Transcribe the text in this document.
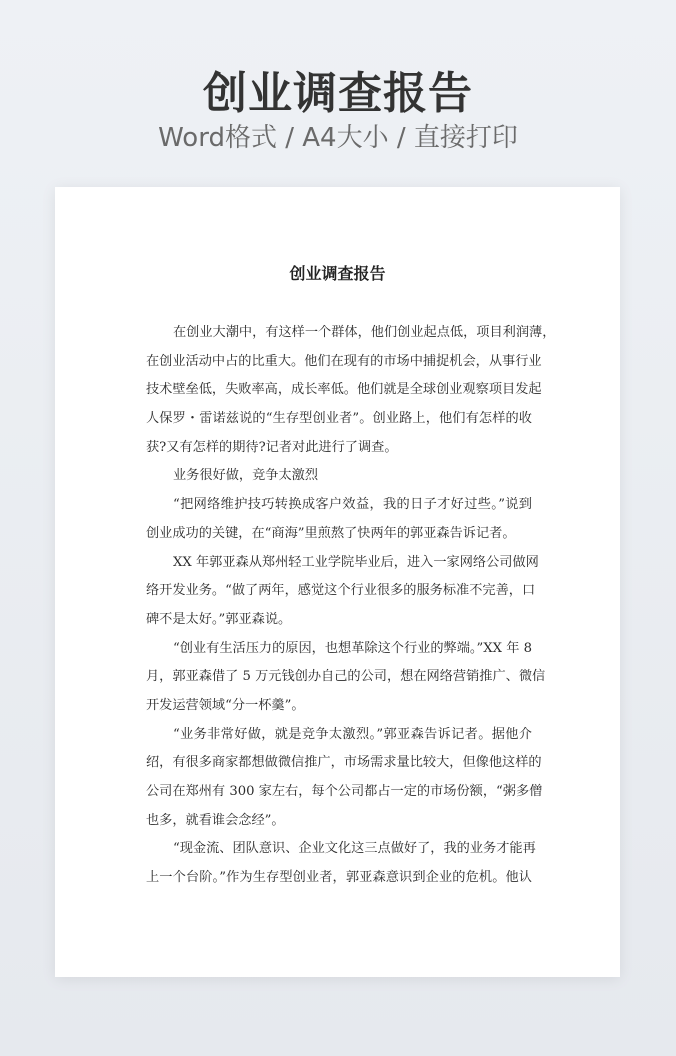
创业调查报告
Word格式 / A4大小 / 直接打印
创业调查报告
在创业大潮中，有这样一个群体，他们创业起点低，项目利润薄，
在创业活动中占的比重大。他们在现有的市场中捕捉机会，从事行业
技术壁垒低，失败率高，成长率低。他们就是全球创业观察项目发起
人保罗・雷诺兹说的“生存型创业者”。创业路上，他们有怎样的收
获?又有怎样的期待?记者对此进行了调查。
业务很好做，竞争太激烈
“把网络维护技巧转换成客户效益，我的日子才好过些。”说到
创业成功的关键，在“商海”里煎熬了快两年的郭亚森告诉记者。
XX 年郭亚森从郑州轻工业学院毕业后，进入一家网络公司做网
络开发业务。“做了两年，感觉这个行业很多的服务标准不完善，口
碑不是太好。”郭亚森说。
“创业有生活压力的原因，也想革除这个行业的弊端。”XX 年 8
月，郭亚森借了 5 万元钱创办自己的公司，想在网络营销推广、微信
开发运营领域“分一杯羹”。
“业务非常好做，就是竞争太激烈。”郭亚森告诉记者。据他介
绍，有很多商家都想做微信推广，市场需求量比较大，但像他这样的
公司在郑州有 300 家左右，每个公司都占一定的市场份额，“粥多僧
也多，就看谁会念经”。
“现金流、团队意识、企业文化这三点做好了，我的业务才能再
上一个台阶。”作为生存型创业者，郭亚森意识到企业的危机。他认
